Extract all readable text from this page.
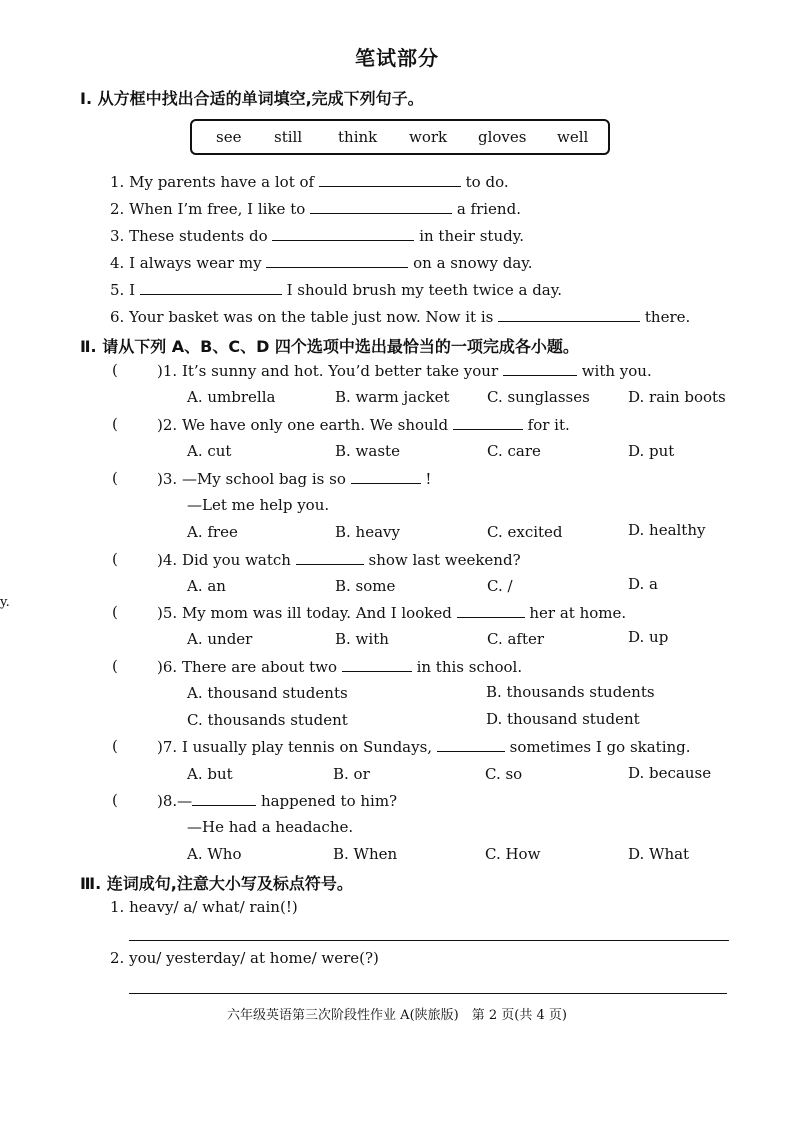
笔试部分
Ⅰ. 从方框中找出合适的单词填空,完成下列句子。
see still think work gloves well
1. My parents have a lot of	to do.
2. When I’m free, I like to	a friend.
3. These students do	in their study.
4. I always wear my	on a snowy day.
5. I	I should brush my teeth twice a day.
6. Your basket was on the table just now. Now it is	there.
Ⅱ. 请从下列 A、B、C、D 四个选项中选出最恰当的一项完成各小题。
(	)1. It’s sunny and hot. You’d better take your	with you.
A. umbrella	B. warm jacket	C. sunglasses	D. rain boots
(	)2. We have only one earth. We should	for it.
A. cut	B. waste	C. care	D. put
(	)3. —My school bag is so	!
—Let me help you.
A. free	B. heavy	C. excited	D. healthy
(	)4. Did you watch	show last weekend?
A. an	B. some	C. /	D. a
y.
(	)5. My mom was ill today. And I looked	her at home.
A. under	B. with	C. after	D. up
(	)6. There are about two	in this school.
A. thousand students	B. thousands students
C. thousands student	D. thousand student
(	)7. I usually play tennis on Sundays,	sometimes I go skating.
A. but	B. or	C. so	D. because
(	)8.—	happened to him?
—He had a headache.
A. Who	B. When	C. How	D. What
Ⅲ. 连词成句,注意大小写及标点符号。
1. heavy/ a/ what/ rain(!)
2. you/ yesterday/ at home/ were(?)
六年级英语第三次阶段性作业 A(陕旅版)　第 2 页(共 4 页)
